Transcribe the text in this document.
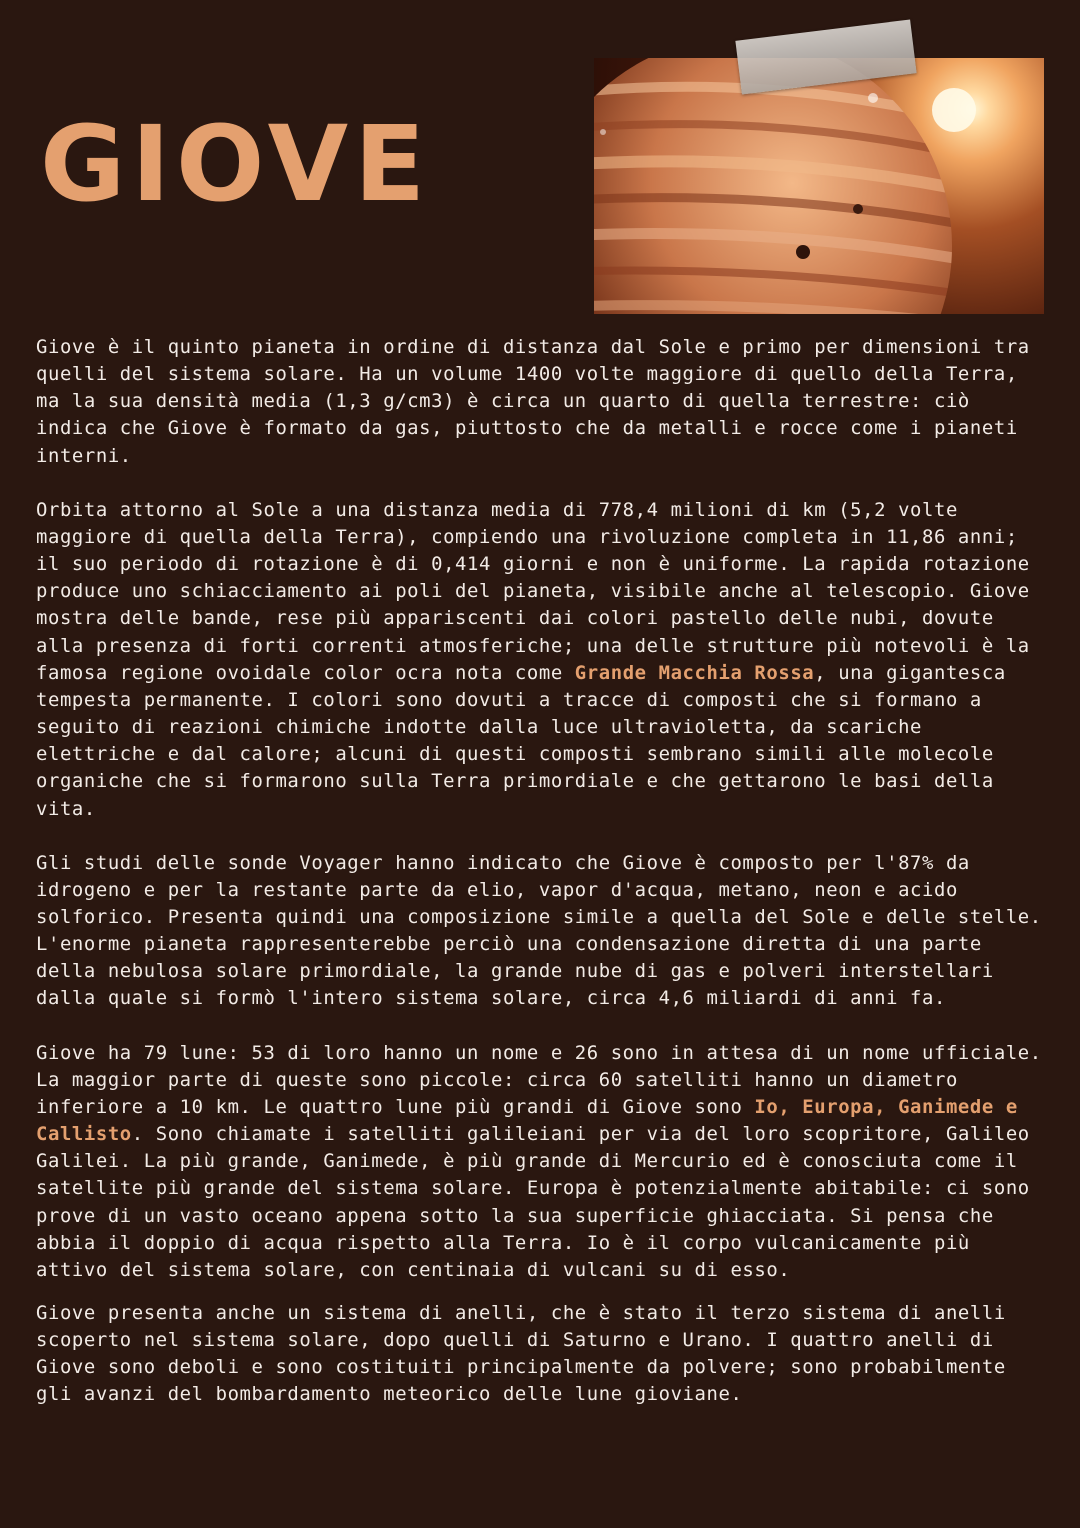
GIOVE

Giove è il quinto pianeta in ordine di distanza dal Sole e primo per dimensioni tra
quelli del sistema solare. Ha un volume 1400 volte maggiore di quello della Terra,
ma la sua densità media (1,3 g/cm3) è circa un quarto di quella terrestre: ciò
indica che Giove è formato da gas, piuttosto che da metalli e rocce come i pianeti
interni.

Orbita attorno al Sole a una distanza media di 778,4 milioni di km (5,2 volte
maggiore di quella della Terra), compiendo una rivoluzione completa in 11,86 anni;
il suo periodo di rotazione è di 0,414 giorni e non è uniforme. La rapida rotazione
produce uno schiacciamento ai poli del pianeta, visibile anche al telescopio. Giove
mostra delle bande, rese più appariscenti dai colori pastello delle nubi, dovute
alla presenza di forti correnti atmosferiche; una delle strutture più notevoli è la
famosa regione ovoidale color ocra nota come Grande Macchia Rossa, una gigantesca
tempesta permanente. I colori sono dovuti a tracce di composti che si formano a
seguito di reazioni chimiche indotte dalla luce ultravioletta, da scariche
elettriche e dal calore; alcuni di questi composti sembrano simili alle molecole
organiche che si formarono sulla Terra primordiale e che gettarono le basi della
vita.

Gli studi delle sonde Voyager hanno indicato che Giove è composto per l'87% da
idrogeno e per la restante parte da elio, vapor d'acqua, metano, neon e acido
solforico. Presenta quindi una composizione simile a quella del Sole e delle stelle.
L'enorme pianeta rappresenterebbe perciò una condensazione diretta di una parte
della nebulosa solare primordiale, la grande nube di gas e polveri interstellari
dalla quale si formò l'intero sistema solare, circa 4,6 miliardi di anni fa.

Giove ha 79 lune: 53 di loro hanno un nome e 26 sono in attesa di un nome ufficiale.
La maggior parte di queste sono piccole: circa 60 satelliti hanno un diametro
inferiore a 10 km. Le quattro lune più grandi di Giove sono Io, Europa, Ganimede e
Callisto. Sono chiamate i satelliti galileiani per via del loro scopritore, Galileo
Galilei. La più grande, Ganimede, è più grande di Mercurio ed è conosciuta come il
satellite più grande del sistema solare. Europa è potenzialmente abitabile: ci sono
prove di un vasto oceano appena sotto la sua superficie ghiacciata. Si pensa che
abbia il doppio di acqua rispetto alla Terra. Io è il corpo vulcanicamente più
attivo del sistema solare, con centinaia di vulcani su di esso.

Giove presenta anche un sistema di anelli, che è stato il terzo sistema di anelli
scoperto nel sistema solare, dopo quelli di Saturno e Urano. I quattro anelli di
Giove sono deboli e sono costituiti principalmente da polvere; sono probabilmente
gli avanzi del bombardamento meteorico delle lune gioviane.
